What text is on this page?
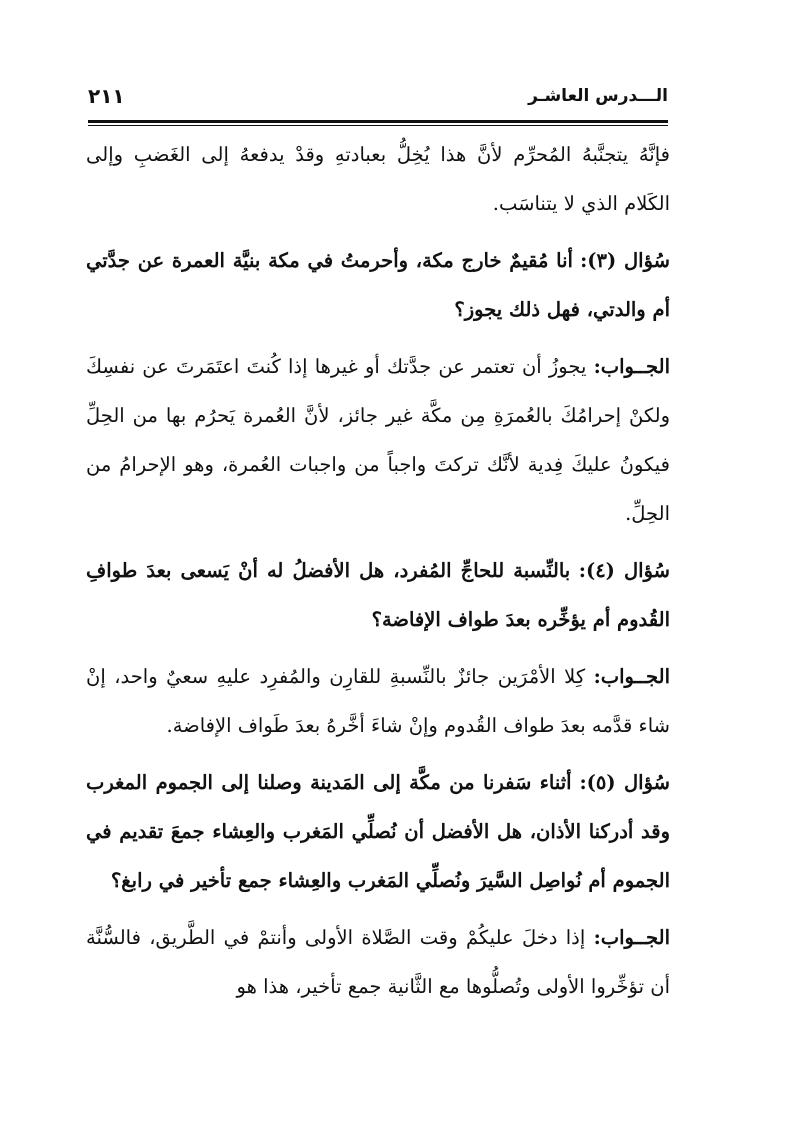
الـــدرس العاشـر
٢١١

فإنَّهُ يتجنَّبهُ المُحرِّم لأنَّ هذا يُخِلُّ بعبادتهِ وقدْ يدفعهُ إلى الغَضبِ وإلى الكَلام الذي لا يتناسَب.

سُؤال (٣): أنا مُقيمٌ خارج مكة، وأحرمتُ في مكة بنيَّة العمرة عن جدَّتي أم والدتي، فهل ذلك يجوز؟

الجــواب: يجوزُ أن تعتمر عن جدَّتك أو غيرها إذا كُنتَ اعتَمَرتَ عن نفسِكَ ولكنْ إحرامُكَ بالعُمرَةِ مِن مكَّة غير جائز، لأنَّ العُمرة يَحرُم بها من الحِلِّ فيكونُ عليكَ فِدية لأنَّك تركتَ واجباً من واجبات العُمرة، وهو الإحرامُ من الحِلِّ.

سُؤال (٤): بالنِّسبة للحاجِّ المُفرد، هل الأفضلُ له أنْ يَسعى بعدَ طوافِ القُدوم أم يؤخِّره بعدَ طواف الإفاضة؟

الجــواب: كِلا الأمْرَين جائزٌ بالنِّسبةِ للقارِن والمُفرِد عليهِ سعيٌ واحد، إنْ شاء قدَّمه بعدَ طواف القُدوم وإنْ شاءَ أخَّرهُ بعدَ طَواف الإفاضة.

سُؤال (٥): أثناء سَفرنا من مكَّة إلى المَدينة وصلنا إلى الجموم المغرب وقد أدركنا الأذان، هل الأفضل أن نُصلِّي المَغرب والعِشاء جمعَ تقديم في الجموم أم نُواصِل السَّيرَ ونُصلِّي المَغرب والعِشاء جمع تأخير في رابغ؟

الجــواب: إذا دخلَ عليكُمْ وقت الصَّلاة الأولى وأنتمْ في الطَّريق، فالسُّنَّة أن تؤخِّروا الأولى وتُصلُّوها مع الثَّانية جمع تأخير، هذا هو
